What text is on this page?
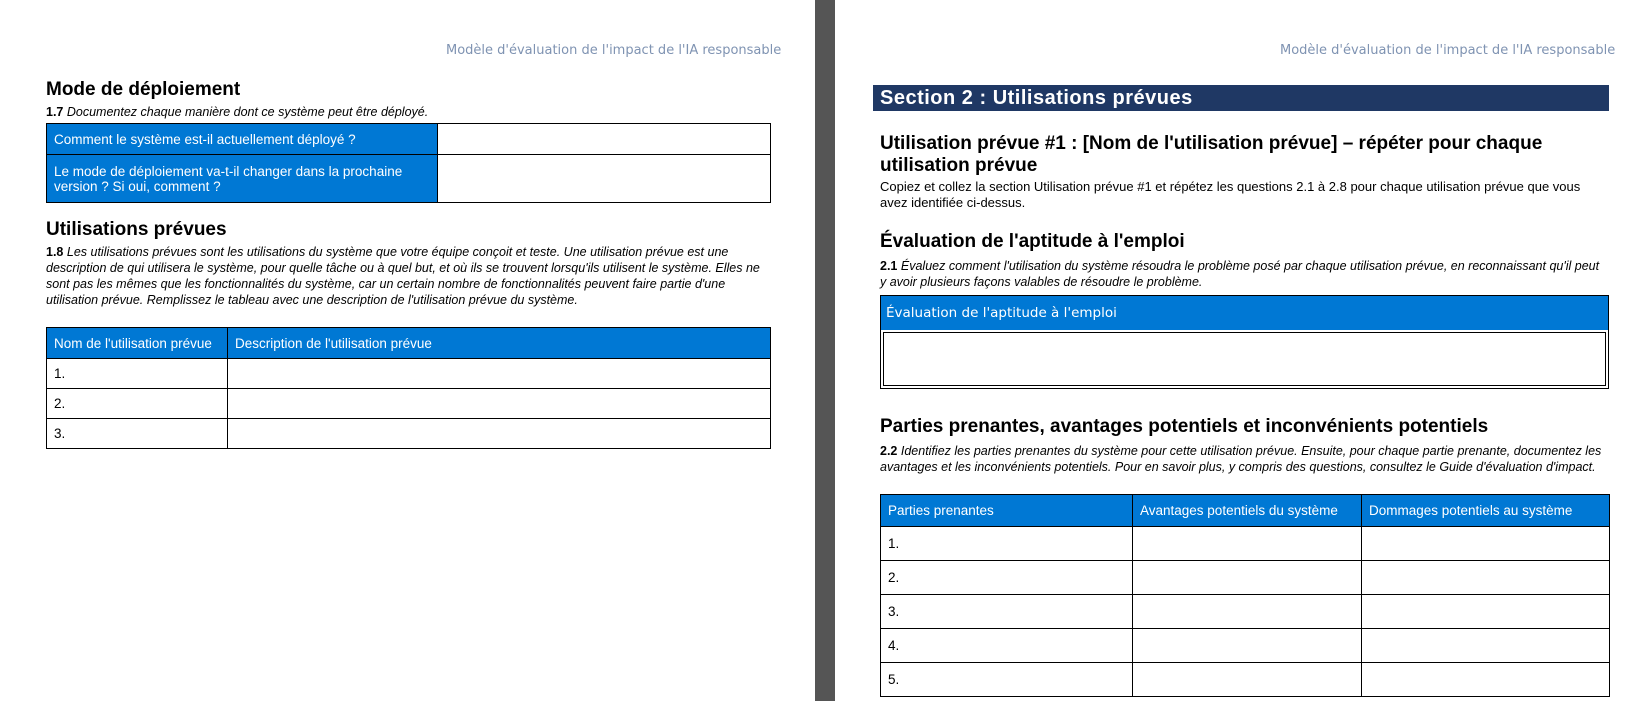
Modèle d'évaluation de l'impact de l'IA responsable
Mode de déploiement
1.7 Documentez chaque manière dont ce système peut être déployé.
Comment le système est-il actuellement déployé ?	
Le mode de déploiement va-t-il changer dans la prochaine version ? Si oui, comment ?	
Utilisations prévues
1.8 Les utilisations prévues sont les utilisations du système que votre équipe conçoit et teste. Une utilisation prévue est une description de qui utilisera le système, pour quelle tâche ou à quel but, et où ils se trouvent lorsqu'ils utilisent le système. Elles ne sont pas les mêmes que les fonctionnalités du système, car un certain nombre de fonctionnalités peuvent faire partie d'une utilisation prévue. Remplissez le tableau avec une description de l'utilisation prévue du système.
Nom de l'utilisation prévue	Description de l'utilisation prévue
1.	
2.	
3.	
Modèle d'évaluation de l'impact de l'IA responsable
Section 2 : Utilisations prévues
Utilisation prévue #1 : [Nom de l'utilisation prévue] – répéter pour chaque utilisation prévue
Copiez et collez la section Utilisation prévue #1 et répétez les questions 2.1 à 2.8 pour chaque utilisation prévue que vous avez identifiée ci-dessus.
Évaluation de l'aptitude à l'emploi
2.1 Évaluez comment l'utilisation du système résoudra le problème posé par chaque utilisation prévue, en reconnaissant qu'il peut y avoir plusieurs façons valables de résoudre le problème.
Évaluation de l'aptitude à l'emploi
Parties prenantes, avantages potentiels et inconvénients potentiels
2.2 Identifiez les parties prenantes du système pour cette utilisation prévue. Ensuite, pour chaque partie prenante, documentez les avantages et les inconvénients potentiels. Pour en savoir plus, y compris des questions, consultez le Guide d'évaluation d'impact.
Parties prenantes	Avantages potentiels du système	Dommages potentiels au système
1.		
2.		
3.		
4.		
5.		
